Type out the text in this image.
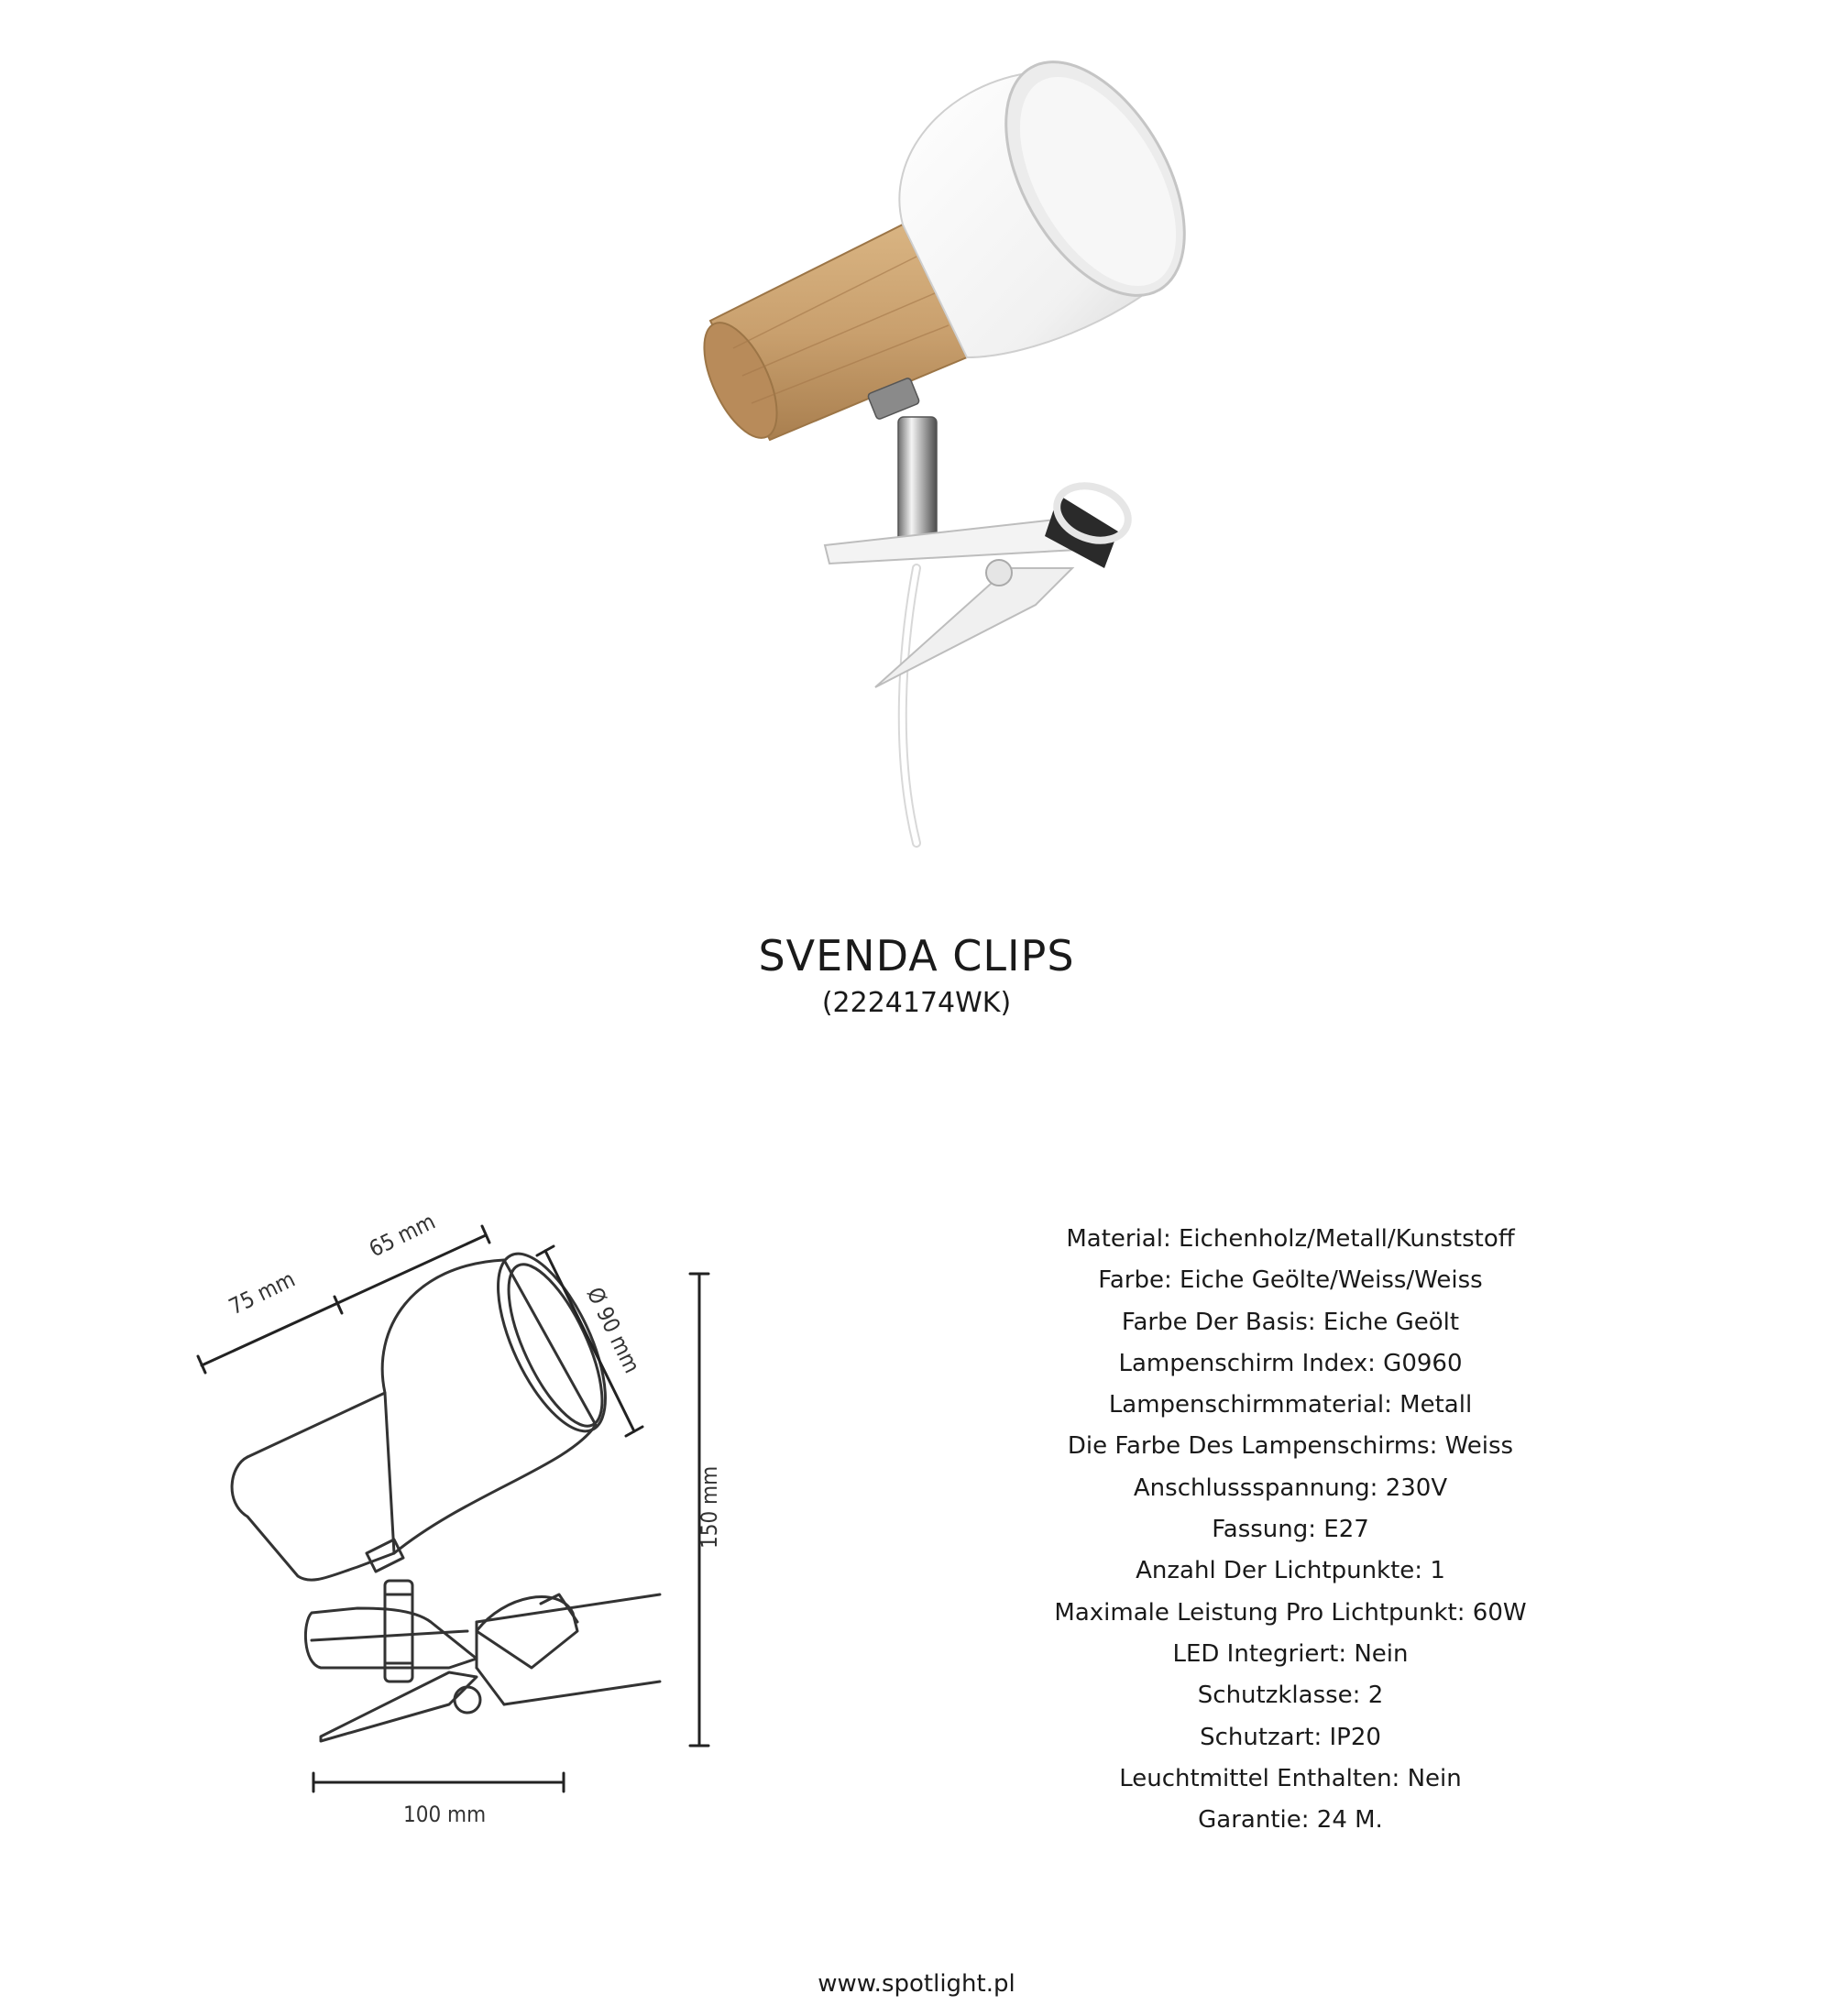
SVENDA CLIPS
(2224174WK)
75 mm
65 mm
Ø 90 mm
150 mm
100 mm
Material: Eichenholz/Metall/Kunststoff
Farbe: Eiche Geölte/Weiss/Weiss
Farbe Der Basis: Eiche Geölt
Lampenschirm Index: G0960
Lampenschirmmaterial: Metall
Die Farbe Des Lampenschirms: Weiss
Anschlussspannung: 230V
Fassung: E27
Anzahl Der Lichtpunkte: 1
Maximale Leistung Pro Lichtpunkt: 60W
LED Integriert: Nein
Schutzklasse: 2
Schutzart: IP20
Leuchtmittel Enthalten: Nein
Garantie: 24 M.
www.spotlight.pl
